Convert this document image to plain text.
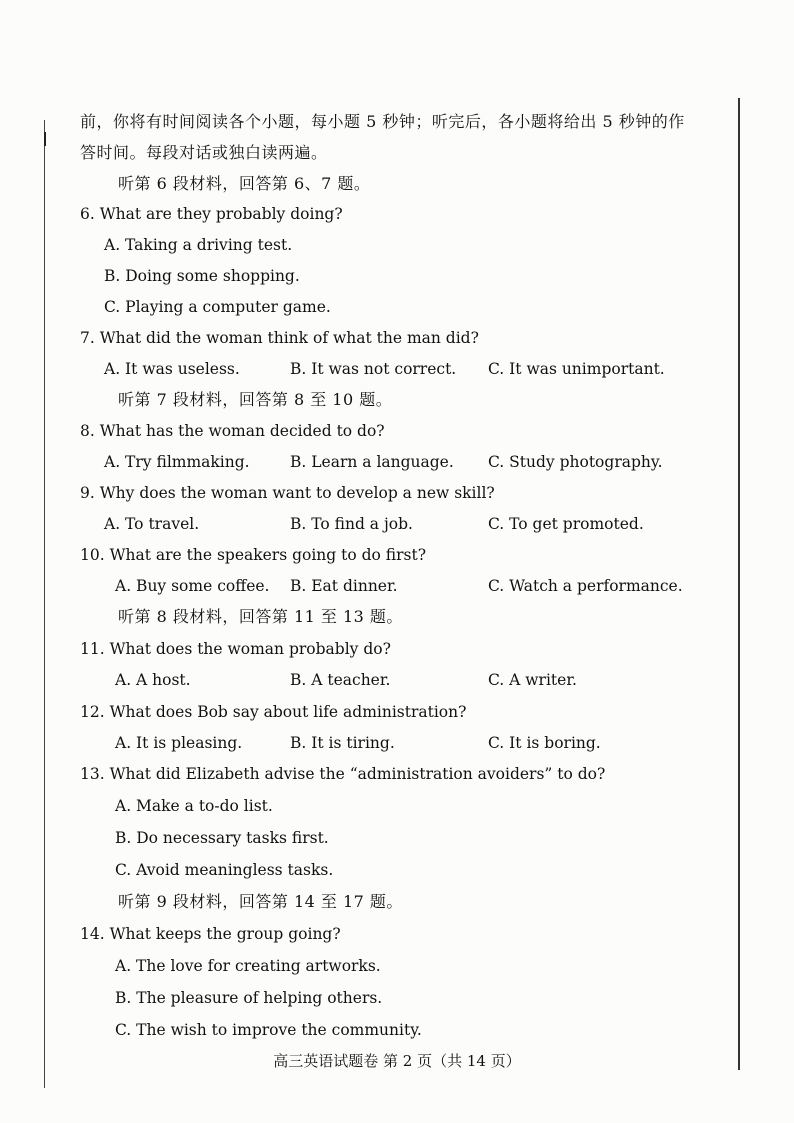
前，你将有时间阅读各个小题，每小题 5 秒钟；听完后，各小题将给出 5 秒钟的作
答时间。每段对话或独白读两遍。
听第 6 段材料，回答第 6、7 题。
6. What are they probably doing?
A. Taking a driving test.
B. Doing some shopping.
C. Playing a computer game.
7. What did the woman think of what the man did?
A. It was useless.	B. It was not correct. C. It was unimportant.
听第 7 段材料，回答第 8 至 10 题。
8. What has the woman decided to do?
A. Try filmmaking.	B. Learn a language. C. Study photography.
9. Why does the woman want to develop a new skill?
A. To travel.	B. To find a job.	C. To get promoted.
10. What are the speakers going to do first?
A. Buy some coffee. B. Eat dinner.	C. Watch a performance.
听第 8 段材料，回答第 11 至 13 题。
11. What does the woman probably do?
A. A host.	B. A teacher.	C. A writer.
12. What does Bob say about life administration?
A. It is pleasing.	B. It is tiring.	C. It is boring.
13. What did Elizabeth advise the “administration avoiders” to do?
A. Make a to-do list.
B. Do necessary tasks first.
C. Avoid meaningless tasks.
听第 9 段材料，回答第 14 至 17 题。
14. What keeps the group going?
A. The love for creating artworks.
B. The pleasure of helping others.
C. The wish to improve the community.
高三英语试题卷 第 2 页（共 14 页）
